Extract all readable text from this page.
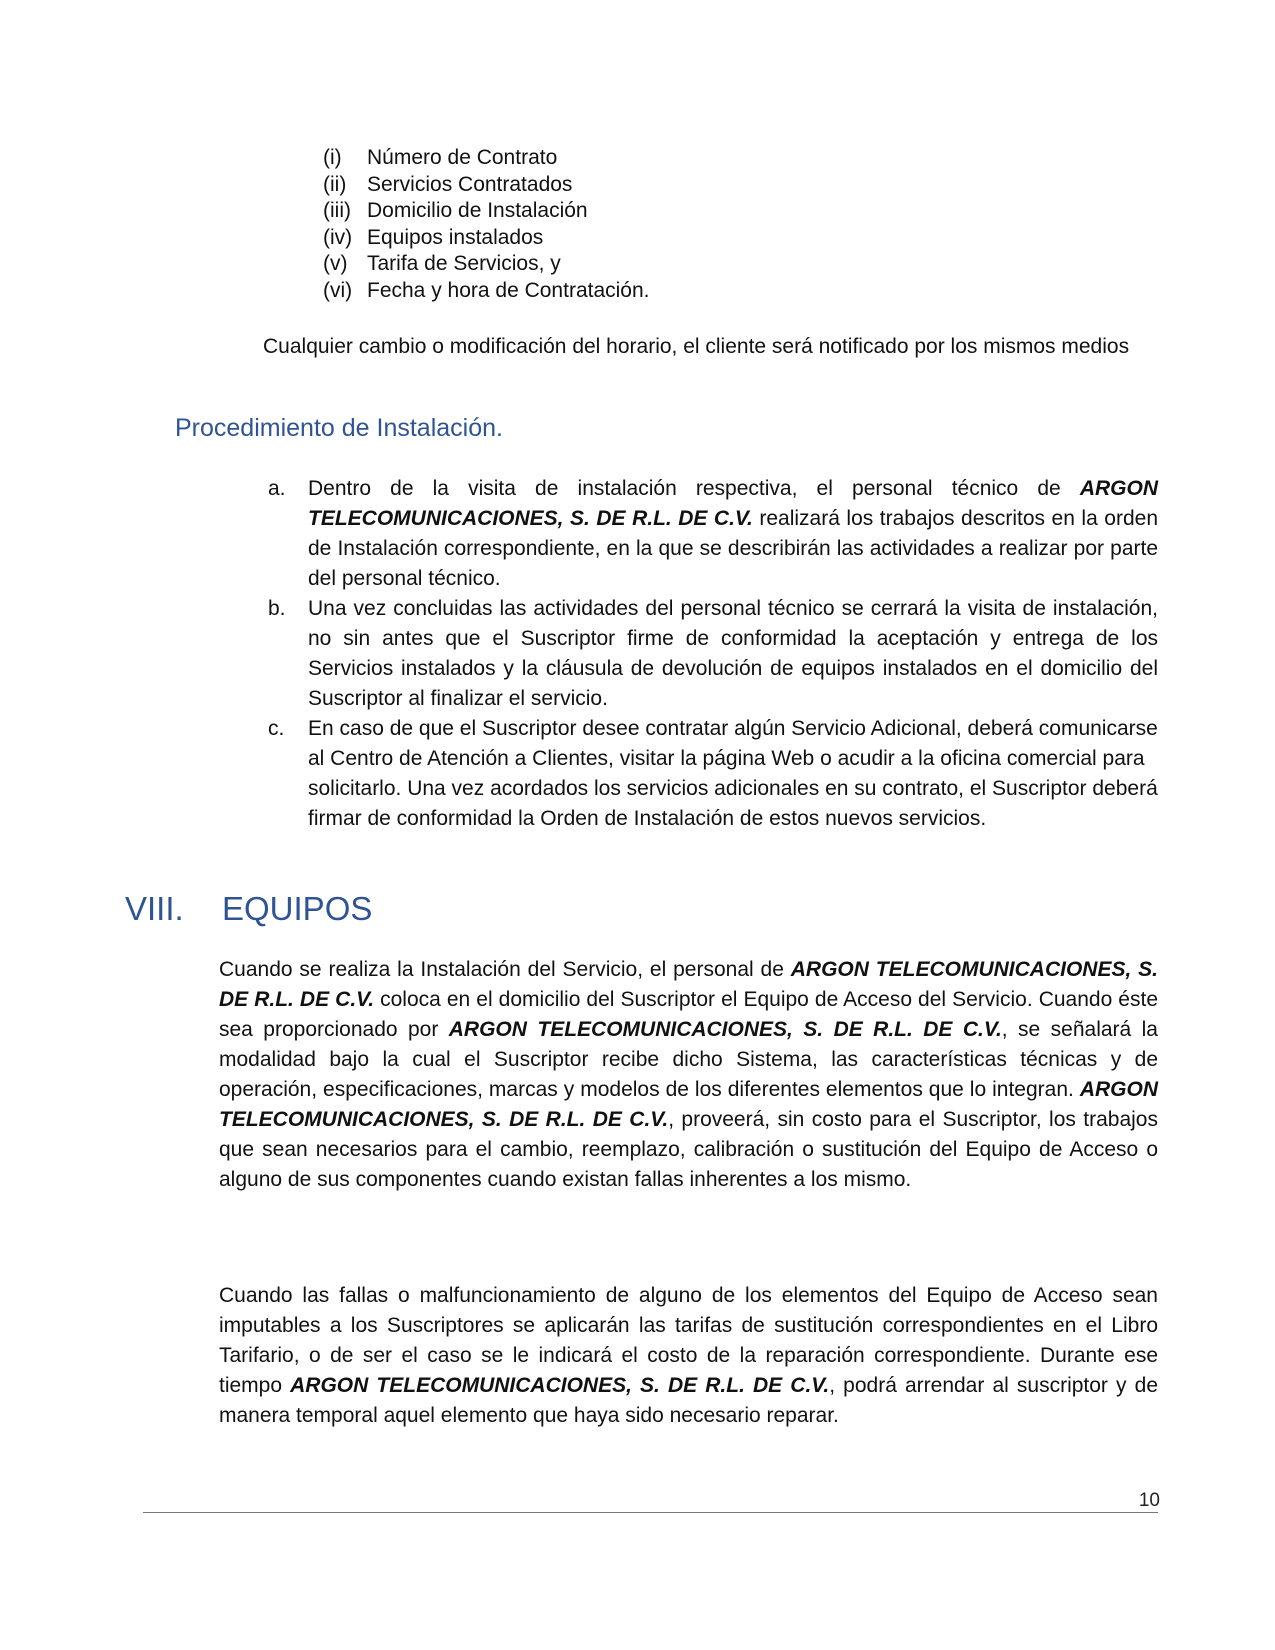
(i)	Número de Contrato
(ii) Servicios Contratados
(iii) Domicilio de Instalación
(iv) Equipos instalados
(v) Tarifa de Servicios, y
(vi) Fecha y hora de Contratación.

Cualquier cambio o modificación del horario, el cliente será notificado por los mismos medios

Procedimiento de Instalación.
a.	Dentro de la visita de instalación respectiva, el personal técnico de ARGON TELECOMUNICACIONES, S. DE R.L. DE C.V. realizará los trabajos descritos en la orden de Instalación correspondiente, en la que se describirán las actividades a realizar por parte del personal técnico.
b.	Una vez concluidas las actividades del personal técnico se cerrará la visita de instalación, no sin antes que el Suscriptor firme de conformidad la aceptación y entrega de los Servicios instalados y la cláusula de devolución de equipos instalados en el domicilio del Suscriptor al finalizar el servicio.
c.	En caso de que el Suscriptor desee contratar algún Servicio Adicional, deberá comunicarse al Centro de Atención a Clientes, visitar la página Web o acudir a la oficina comercial para solicitarlo. Una vez acordados los servicios adicionales en su contrato, el Suscriptor deberá firmar de conformidad la Orden de Instalación de estos nuevos servicios.
VIII.	EQUIPOS

Cuando se realiza la Instalación del Servicio, el personal de ARGON TELECOMUNICACIONES, S. DE R.L. DE C.V. coloca en el domicilio del Suscriptor el Equipo de Acceso del Servicio. Cuando éste sea proporcionado por ARGON TELECOMUNICACIONES, S. DE R.L. DE C.V., se señalará la modalidad bajo la cual el Suscriptor recibe dicho Sistema, las características técnicas y de operación, especificaciones, marcas y modelos de los diferentes elementos que lo integran. ARGON TELECOMUNICACIONES, S. DE R.L. DE C.V., proveerá, sin costo para el Suscriptor, los trabajos que sean necesarios para el cambio, reemplazo, calibración o sustitución del Equipo de Acceso o alguno de sus componentes cuando existan fallas inherentes a los mismo.

Cuando las fallas o malfuncionamiento de alguno de los elementos del Equipo de Acceso sean imputables a los Suscriptores se aplicarán las tarifas de sustitución correspondientes en el Libro Tarifario, o de ser el caso se le indicará el costo de la reparación correspondiente. Durante ese tiempo ARGON TELECOMUNICACIONES, S. DE R.L. DE C.V., podrá arrendar al suscriptor y de manera temporal aquel elemento que haya sido necesario reparar.

10
